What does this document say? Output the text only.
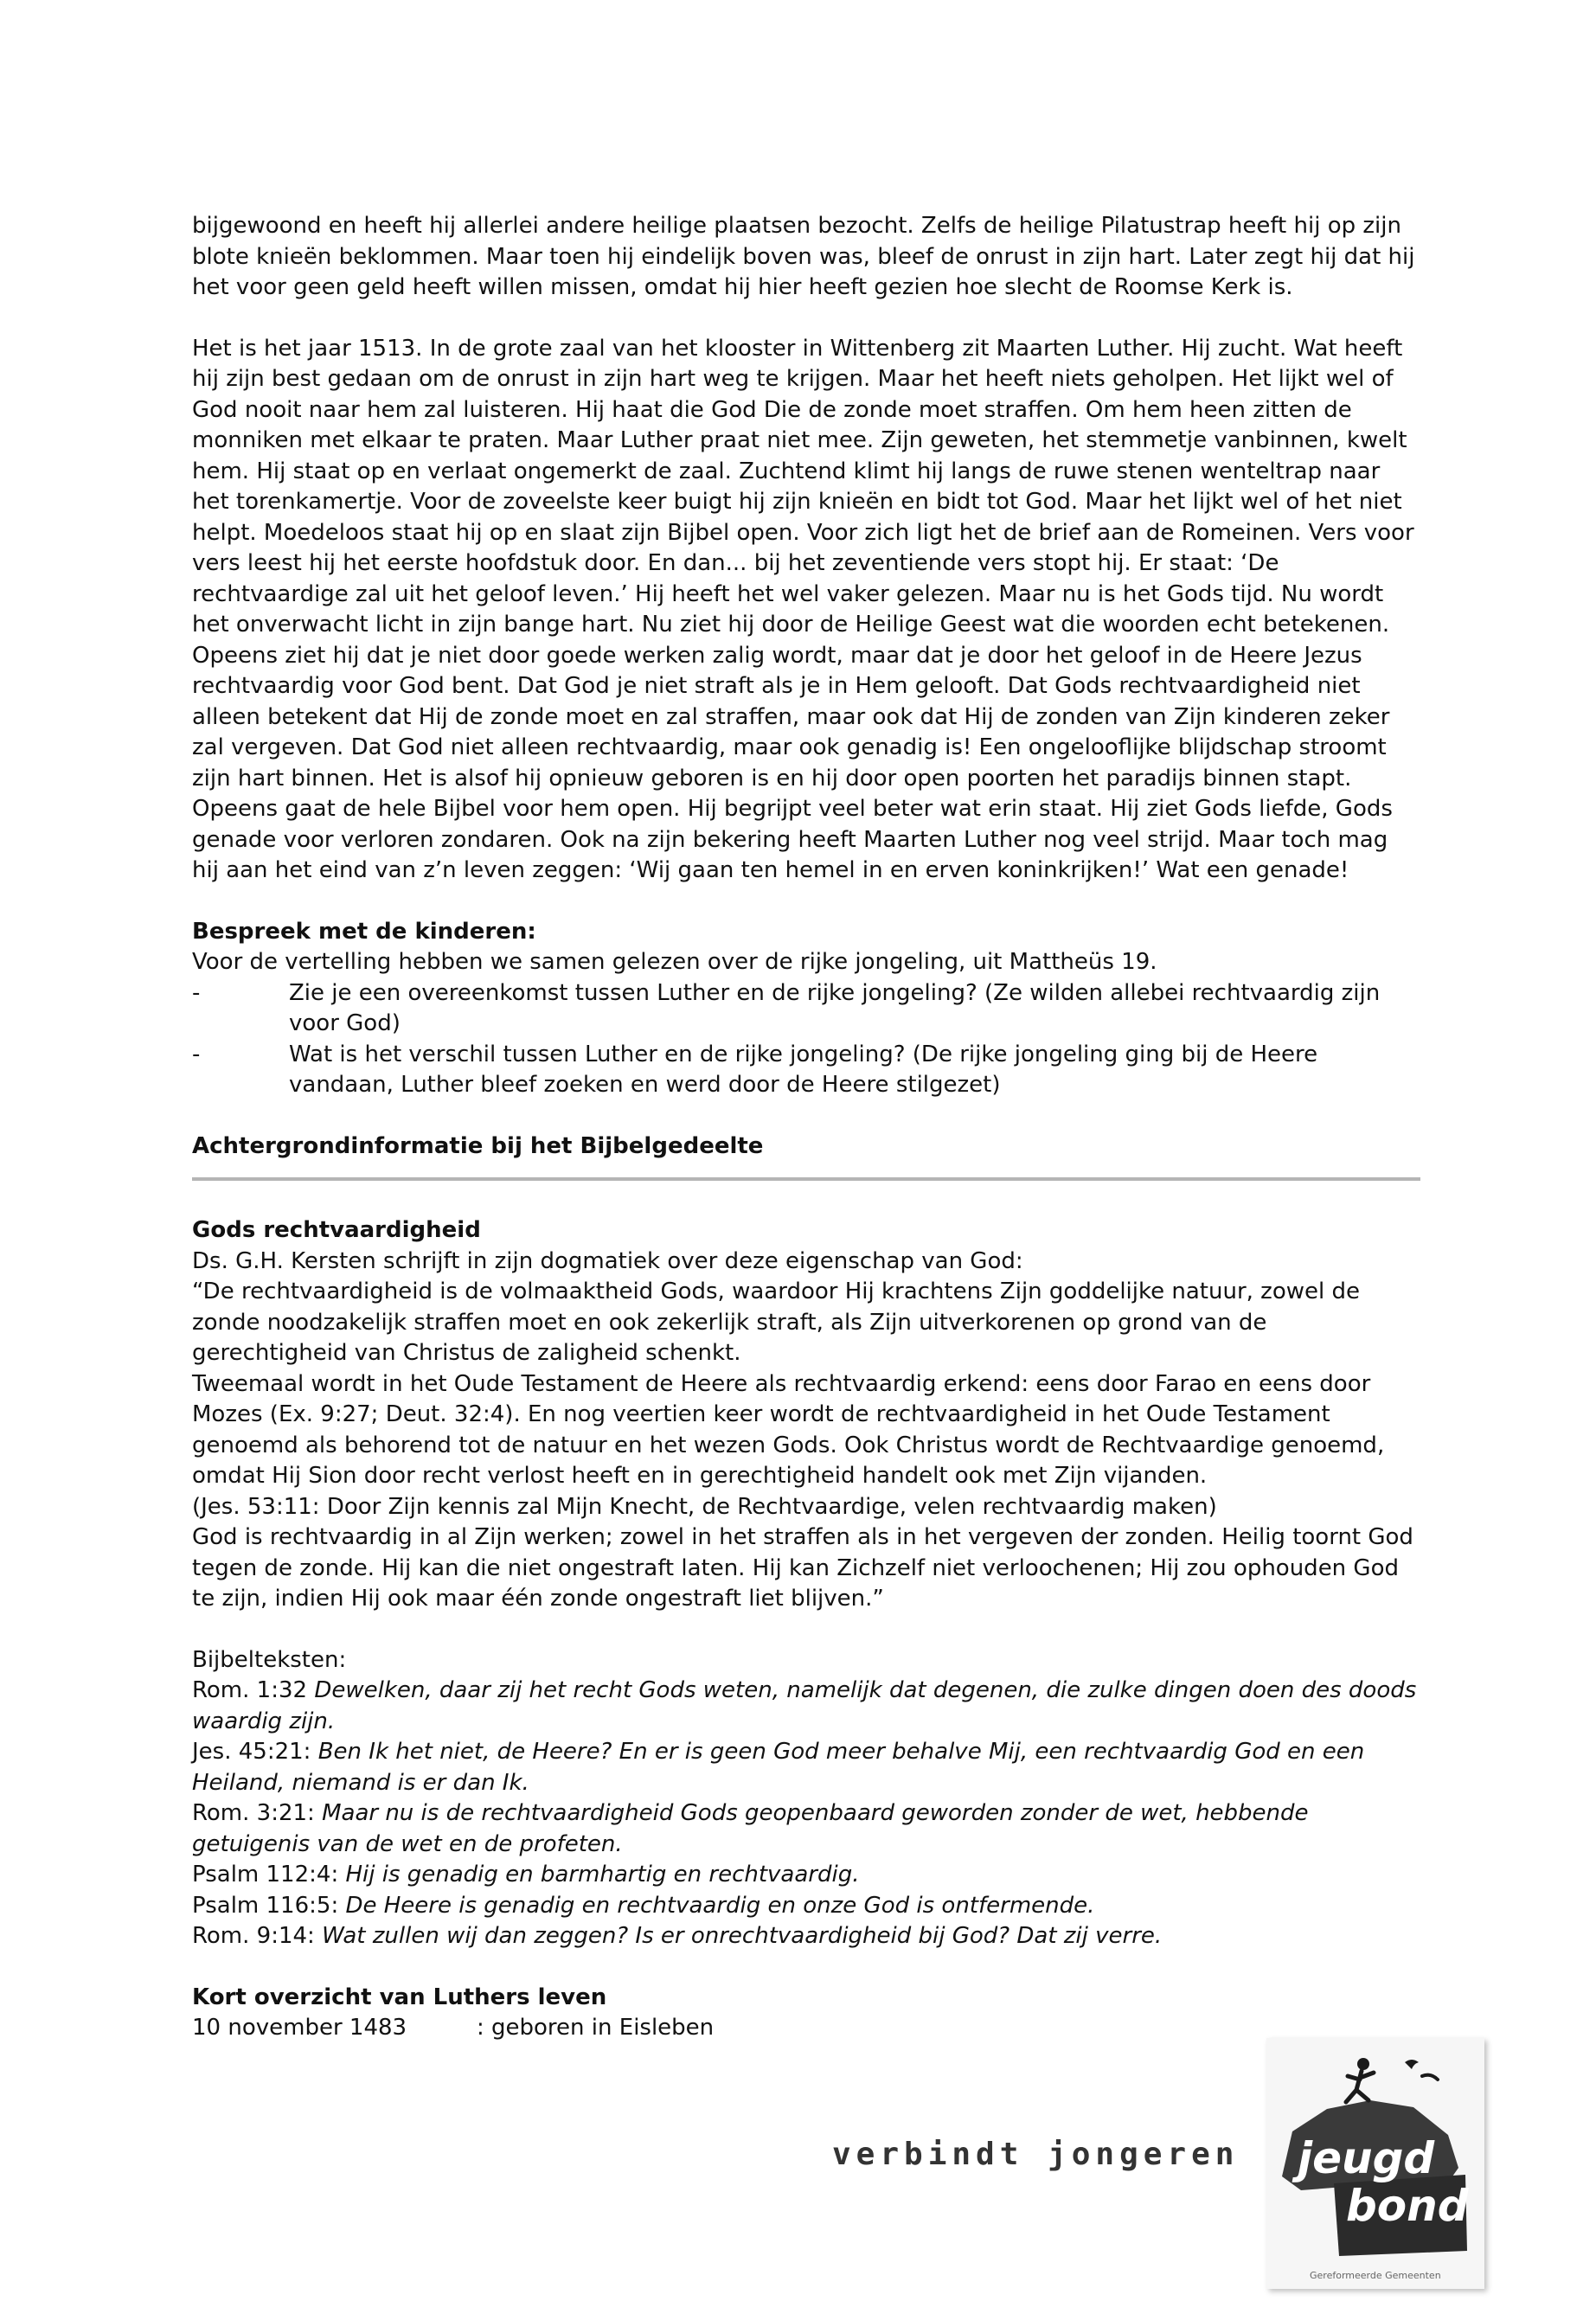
bijgewoond en heeft hij allerlei andere heilige plaatsen bezocht. Zelfs de heilige Pilatustrap heeft hij op zijn blote knieën beklommen. Maar toen hij eindelijk boven was, bleef de onrust in zijn hart. Later zegt hij dat hij het voor geen geld heeft willen missen, omdat hij hier heeft gezien hoe slecht de Roomse Kerk is.

Het is het jaar 1513. In de grote zaal van het klooster in Wittenberg zit Maarten Luther. Hij zucht. Wat heeft hij zijn best gedaan om de onrust in zijn hart weg te krijgen. Maar het heeft niets geholpen. Het lijkt wel of God nooit naar hem zal luisteren. Hij haat die God Die de zonde moet straffen. Om hem heen zitten de monniken met elkaar te praten. Maar Luther praat niet mee. Zijn geweten, het stemmetje vanbinnen, kwelt hem. Hij staat op en verlaat ongemerkt de zaal. Zuchtend klimt hij langs de ruwe stenen wenteltrap naar het torenkamertje. Voor de zoveelste keer buigt hij zijn knieën en bidt tot God. Maar het lijkt wel of het niet helpt. Moedeloos staat hij op en slaat zijn Bijbel open. Voor zich ligt het de brief aan de Romeinen. Vers voor vers leest hij het eerste hoofdstuk door. En dan... bij het zeventiende vers stopt hij. Er staat: ‘De rechtvaardige zal uit het geloof leven.’ Hij heeft het wel vaker gelezen. Maar nu is het Gods tijd. Nu wordt het onverwacht licht in zijn bange hart. Nu ziet hij door de Heilige Geest wat die woorden echt betekenen. Opeens ziet hij dat je niet door goede werken zalig wordt, maar dat je door het geloof in de Heere Jezus rechtvaardig voor God bent. Dat God je niet straft als je in Hem gelooft. Dat Gods rechtvaardigheid niet alleen betekent dat Hij de zonde moet en zal straffen, maar ook dat Hij de zonden van Zijn kinderen zeker zal vergeven. Dat God niet alleen rechtvaardig, maar ook genadig is! Een ongelooflijke blijdschap stroomt zijn hart binnen. Het is alsof hij opnieuw geboren is en hij door open poorten het paradijs binnen stapt. Opeens gaat de hele Bijbel voor hem open. Hij begrijpt veel beter wat erin staat. Hij ziet Gods liefde, Gods genade voor verloren zondaren. Ook na zijn bekering heeft Maarten Luther nog veel strijd. Maar toch mag hij aan het eind van z’n leven zeggen: ‘Wij gaan ten hemel in en erven koninkrijken!’ Wat een genade!

Bespreek met de kinderen:

Voor de vertelling hebben we samen gelezen over de rijke jongeling, uit Mattheüs 19.

-	Zie je een overeenkomst tussen Luther en de rijke jongeling? (Ze wilden allebei rechtvaardig zijn voor God)
-	Wat is het verschil tussen Luther en de rijke jongeling? (De rijke jongeling ging bij de Heere vandaan, Luther bleef zoeken en werd door de Heere stilgezet)

Achtergrondinformatie bij het Bijbelgedeelte

Gods rechtvaardigheid

Ds. G.H. Kersten schrijft in zijn dogmatiek over deze eigenschap van God:

“De rechtvaardigheid is de volmaaktheid Gods, waardoor Hij krachtens Zijn goddelijke natuur, zowel de zonde noodzakelijk straffen moet en ook zekerlijk straft, als Zijn uitverkorenen op grond van de gerechtigheid van Christus de zaligheid schenkt.

Tweemaal wordt in het Oude Testament de Heere als rechtvaardig erkend: eens door Farao en eens door Mozes (Ex. 9:27; Deut. 32:4). En nog veertien keer wordt de rechtvaardigheid in het Oude Testament genoemd als behorend tot de natuur en het wezen Gods. Ook Christus wordt de Rechtvaardige genoemd, omdat Hij Sion door recht verlost heeft en in gerechtigheid handelt ook met Zijn vijanden.

(Jes. 53:11: Door Zijn kennis zal Mijn Knecht, de Rechtvaardige, velen rechtvaardig maken)

God is rechtvaardig in al Zijn werken; zowel in het straffen als in het vergeven der zonden. Heilig toornt God tegen de zonde. Hij kan die niet ongestraft laten. Hij kan Zichzelf niet verloochenen; Hij zou ophouden God te zijn, indien Hij ook maar één zonde ongestraft liet blijven.”

Bijbelteksten:

Rom. 1:32 Dewelken, daar zij het recht Gods weten, namelijk dat degenen, die zulke dingen doen des doods waardig zijn.

Jes. 45:21: Ben Ik het niet, de Heere? En er is geen God meer behalve Mij, een rechtvaardig God en een Heiland, niemand is er dan Ik.

Rom. 3:21: Maar nu is de rechtvaardigheid Gods geopenbaard geworden zonder de wet, hebbende getuigenis van de wet en de profeten.

Psalm 112:4: Hij is genadig en barmhartig en rechtvaardig.

Psalm 116:5: De Heere is genadig en rechtvaardig en onze God is ontfermende.

Rom. 9:14: Wat zullen wij dan zeggen? Is er onrechtvaardigheid bij God? Dat zij verre.

Kort overzicht van Luthers leven

10 november 1483	: geboren in Eisleben
verbindt jongeren jeugd
bond
Gereformeerde Gemeenten
